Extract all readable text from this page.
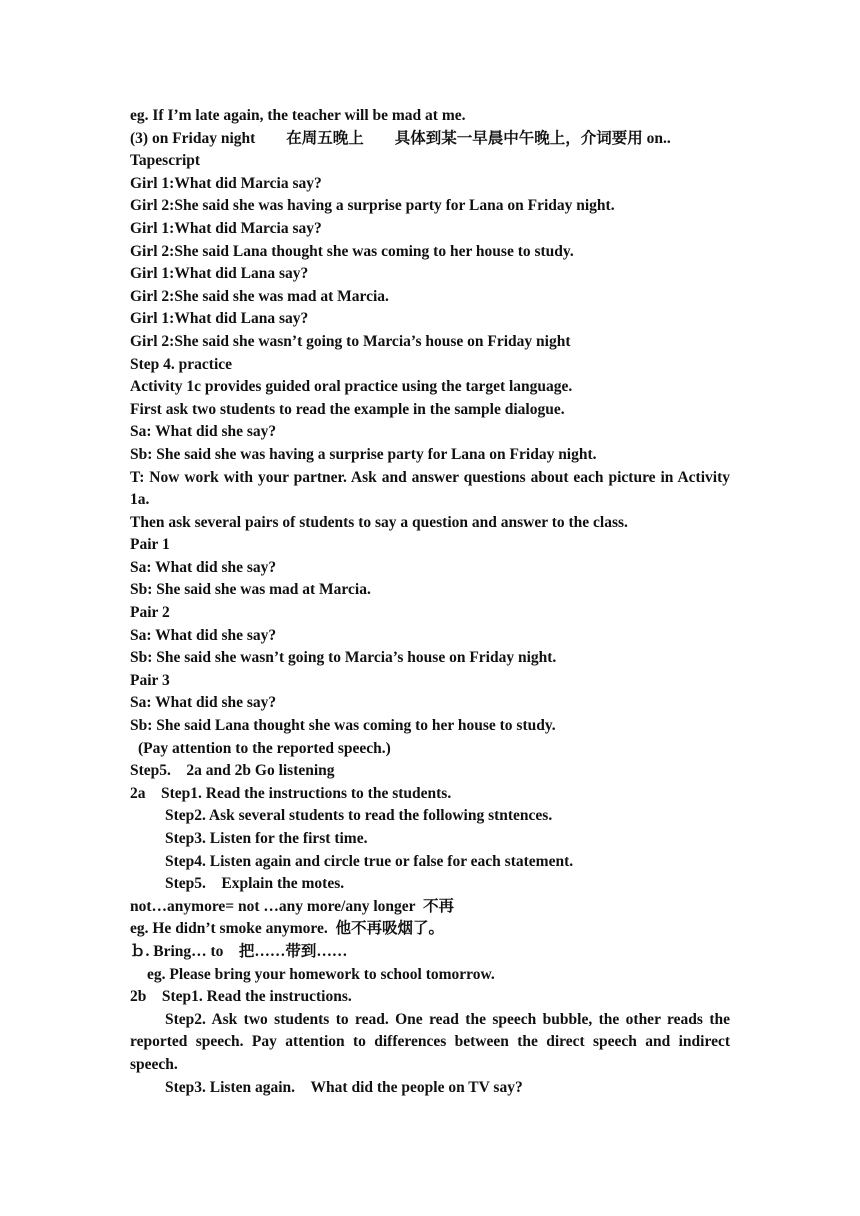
eg. If I’m late again, the teacher will be mad at me.
(3) on Friday night　　在周五晚上　　具体到某一早晨中午晚上，介词要用 on..
Tapescript
Girl 1:What did Marcia say?
Girl 2:She said she was having a surprise party for Lana on Friday night.
Girl 1:What did Marcia say?
Girl 2:She said Lana thought she was coming to her house to study.
Girl 1:What did Lana say?
Girl 2:She said she was mad at Marcia.
Girl 1:What did Lana say?
Girl 2:She said she wasn’t going to Marcia’s house on Friday night
Step 4. practice
Activity 1c provides guided oral practice using the target language.
First ask two students to read the example in the sample dialogue.
Sa: What did she say?
Sb: She said she was having a surprise party for Lana on Friday night.
T: Now work with your partner. Ask and answer questions about each picture in Activity 1a.
Then ask several pairs of students to say a question and answer to the class.
Pair 1
Sa: What did she say?
Sb: She said she was mad at Marcia.
Pair 2
Sa: What did she say?
Sb: She said she wasn’t going to Marcia’s house on Friday night.
Pair 3
Sa: What did she say?
Sb: She said Lana thought she was coming to her house to study.
(Pay attention to the reported speech.)
Step5.　2a and 2b Go listening
2a　Step1. Read the instructions to the students.
Step2. Ask several students to read the following stntences.
Step3. Listen for the first time.
Step4. Listen again and circle true or false for each statement.
Step5.　Explain the motes.
not…anymore= not …any more/any longer  不再
eg. He didn’t smoke anymore.  他不再吸烟了。
ｂ. Bring… to　把……带到……
eg. Please bring your homework to school tomorrow.
2b　Step1. Read the instructions.
Step2. Ask two students to read. One read the speech bubble, the other reads the reported speech. Pay attention to differences between the direct speech and indirect speech.
Step3. Listen again.　What did the people on TV say?
